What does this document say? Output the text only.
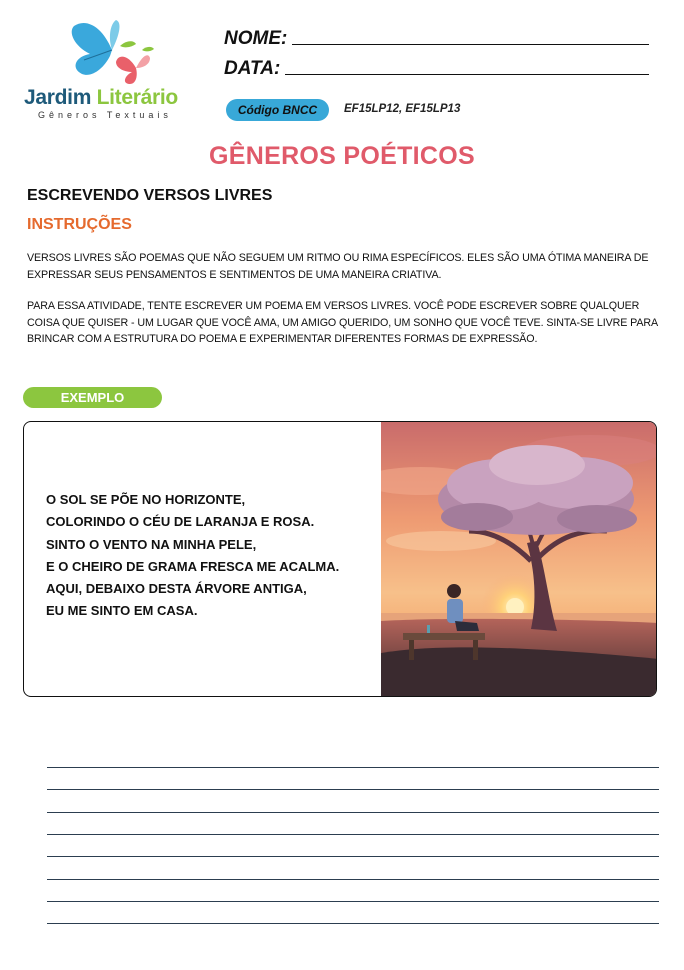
Jardim Literário
Gêneros Textuais
NOME:
DATA:
Código BNCC	EF15LP12, EF15LP13
GÊNEROS POÉTICOS
ESCREVENDO VERSOS LIVRES
INSTRUÇÕES
VERSOS LIVRES SÃO POEMAS QUE NÃO SEGUEM UM RITMO OU RIMA ESPECÍFICOS. ELES SÃO UMA ÓTIMA MANEIRA DE EXPRESSAR SEUS PENSAMENTOS E SENTIMENTOS DE UMA MANEIRA CRIATIVA.
PARA ESSA ATIVIDADE, TENTE ESCREVER UM POEMA EM VERSOS LIVRES. VOCÊ PODE ESCREVER SOBRE QUALQUER COISA QUE QUISER - UM LUGAR QUE VOCÊ AMA, UM AMIGO QUERIDO, UM SONHO QUE VOCÊ TEVE. SINTA-SE LIVRE PARA BRINCAR COM A ESTRUTURA DO POEMA E EXPERIMENTAR DIFERENTES FORMAS DE EXPRESSÃO.
EXEMPLO
O SOL SE PÕE NO HORIZONTE,
COLORINDO O CÉU DE LARANJA E ROSA.
SINTO O VENTO NA MINHA PELE,
E O CHEIRO DE GRAMA FRESCA ME ACALMA.
AQUI, DEBAIXO DESTA ÁRVORE ANTIGA,
EU ME SINTO EM CASA.
